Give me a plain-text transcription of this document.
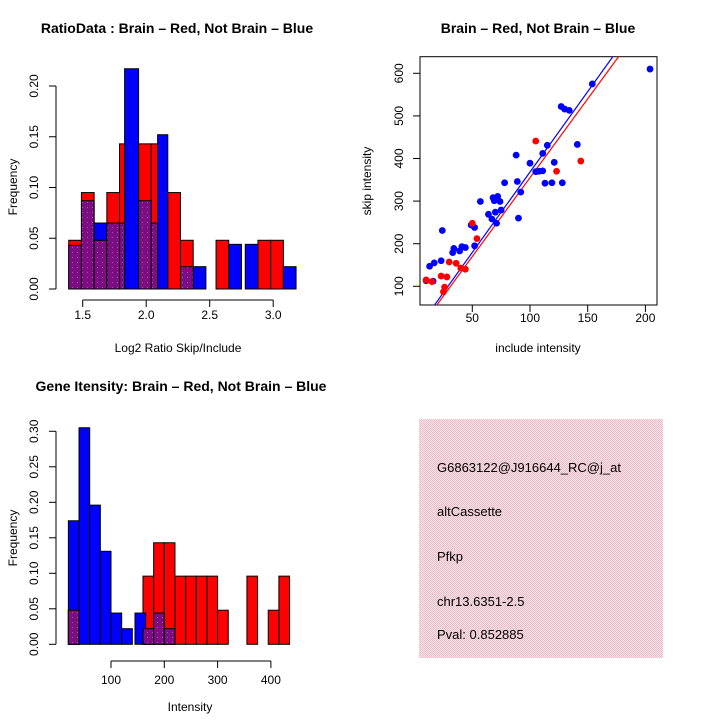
1.5	2.0	2.5	3.0
0.00
0.05
0.10
0.15
0.20
RatioData : Brain – Red, Not Brain – Blue
Log2 Ratio Skip/Include
Frequency
50	100	150	200
100
200
300
400
500
600
Brain – Red, Not Brain – Blue
include intensity
skip intensity
100	200	300	400
0.00
0.05
0.10
0.15
0.20
0.25
0.30
Gene Itensity: Brain – Red, Not Brain – Blue
Intensity
Frequency
G6863122@J916644_RC@j_at
altCassette
Pfkp
chr13.6351-2.5
Pval: 0.852885
